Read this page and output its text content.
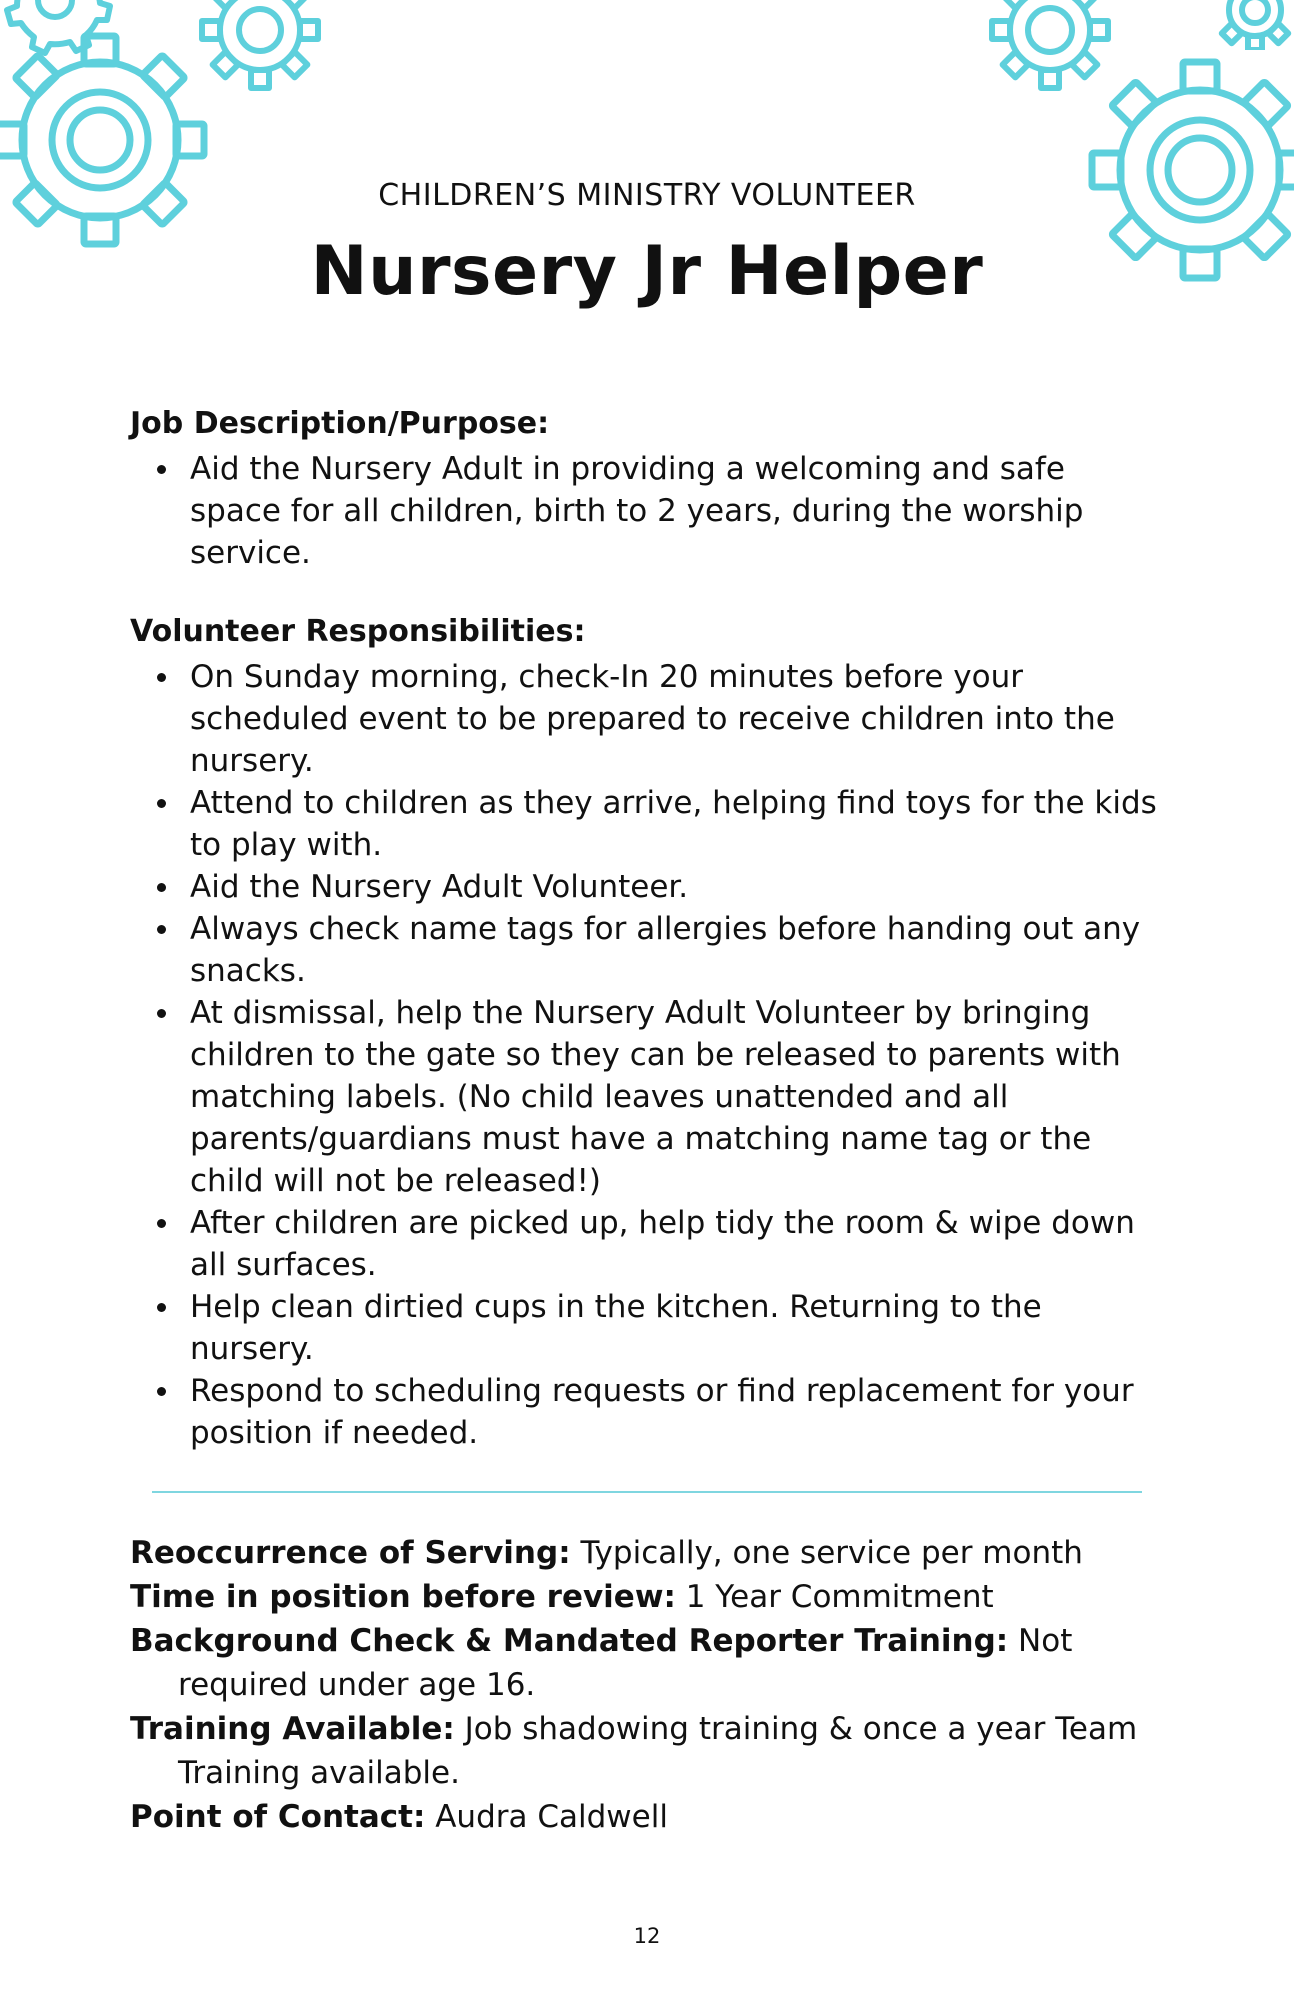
CHILDREN’S MINISTRY VOLUNTEER
Nursery Jr Helper
Job Description/Purpose:
Aid the Nursery Adult in providing a welcoming and safe space for all children, birth to 2 years, during the worship service.
Volunteer Responsibilities:
On Sunday morning, check-In 20 minutes before your scheduled event to be prepared to receive children into the nursery.
Attend to children as they arrive, helping find toys for the kids to play with.
Aid the Nursery Adult Volunteer.
Always check name tags for allergies before handing out any snacks.
At dismissal, help the Nursery Adult Volunteer by bringing children to the gate so they can be released to parents with matching labels. (No child leaves unattended and all parents/guardians must have a matching name tag or the child will not be released!)
After children are picked up, help tidy the room & wipe down all surfaces.
Help clean dirtied cups in the kitchen. Returning to the nursery.
Respond to scheduling requests or find replacement for your position if needed.
Reoccurrence of Serving: Typically, one service per month
Time in position before review: 1 Year Commitment
Background Check & Mandated Reporter Training: Not required under age 16.
Training Available: Job shadowing training & once a year Team Training available.
Point of Contact: Audra Caldwell
12
